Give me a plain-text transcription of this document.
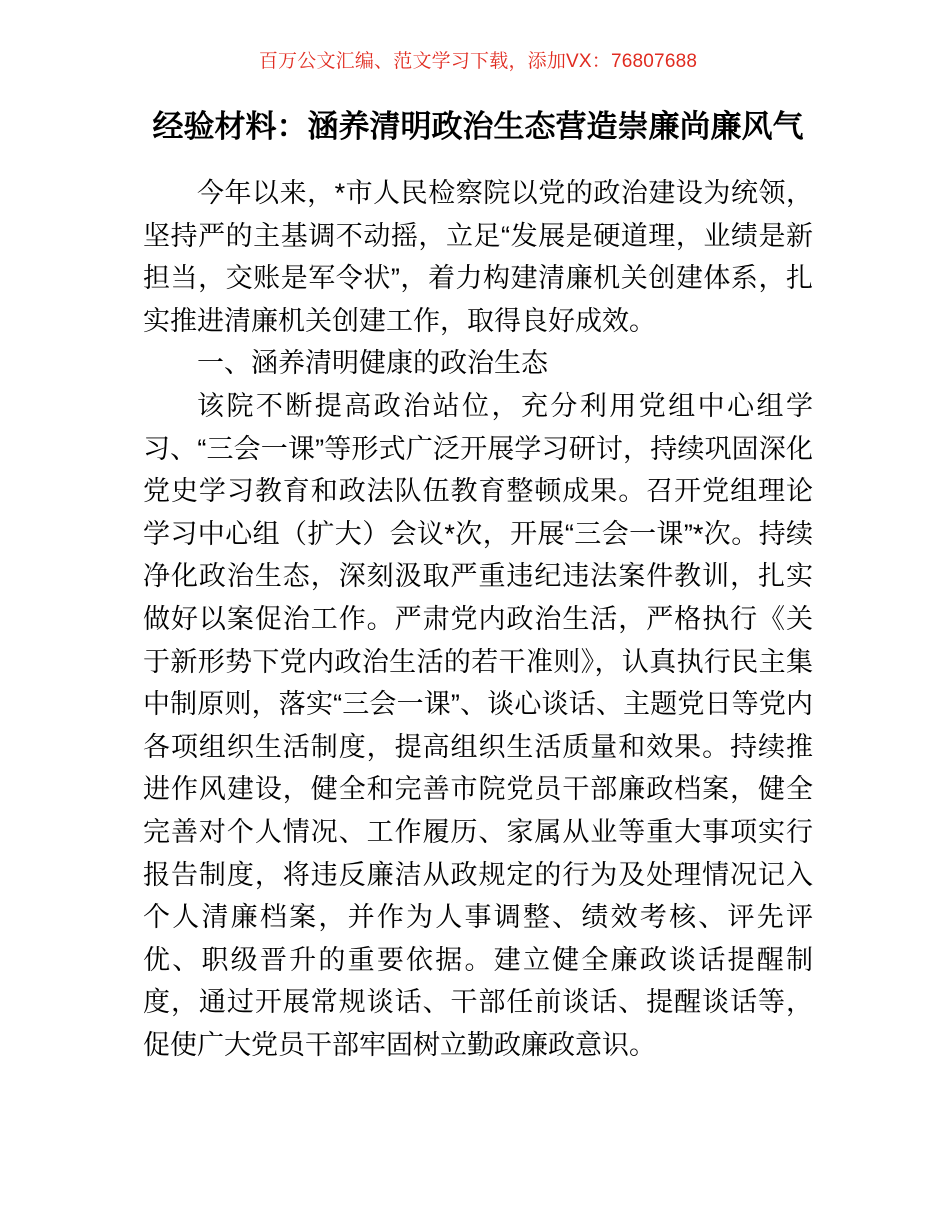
百万公文汇编、范文学习下载，添加VX：76807688
经验材料：涵养清明政治生态营造崇廉尚廉风气

今年以来，*市人民检察院以党的政治建设为统领，坚持严的主基调不动摇，立足“发展是硬道理，业绩是新担当，交账是军令状”，着力构建清廉机关创建体系，扎实推进清廉机关创建工作，取得良好成效。

一、涵养清明健康的政治生态

该院不断提高政治站位，充分利用党组中心组学习、“三会一课”等形式广泛开展学习研讨，持续巩固深化党史学习教育和政法队伍教育整顿成果。召开党组理论学习中心组（扩大）会议*次，开展“三会一课”*次。持续净化政治生态，深刻汲取严重违纪违法案件教训，扎实做好以案促治工作。严肃党内政治生活，严格执行《关于新形势下党内政治生活的若干准则》，认真执行民主集中制原则，落实“三会一课”、谈心谈话、主题党日等党内各项组织生活制度，提高组织生活质量和效果。持续推进作风建设，健全和完善市院党员干部廉政档案，健全完善对个人情况、工作履历、家属从业等重大事项实行报告制度，将违反廉洁从政规定的行为及处理情况记入个人清廉档案，并作为人事调整、绩效考核、评先评优、职级晋升的重要依据。建立健全廉政谈话提醒制度，通过开展常规谈话、干部任前谈话、提醒谈话等，促使广大党员干部牢固树立勤政廉政意识。
